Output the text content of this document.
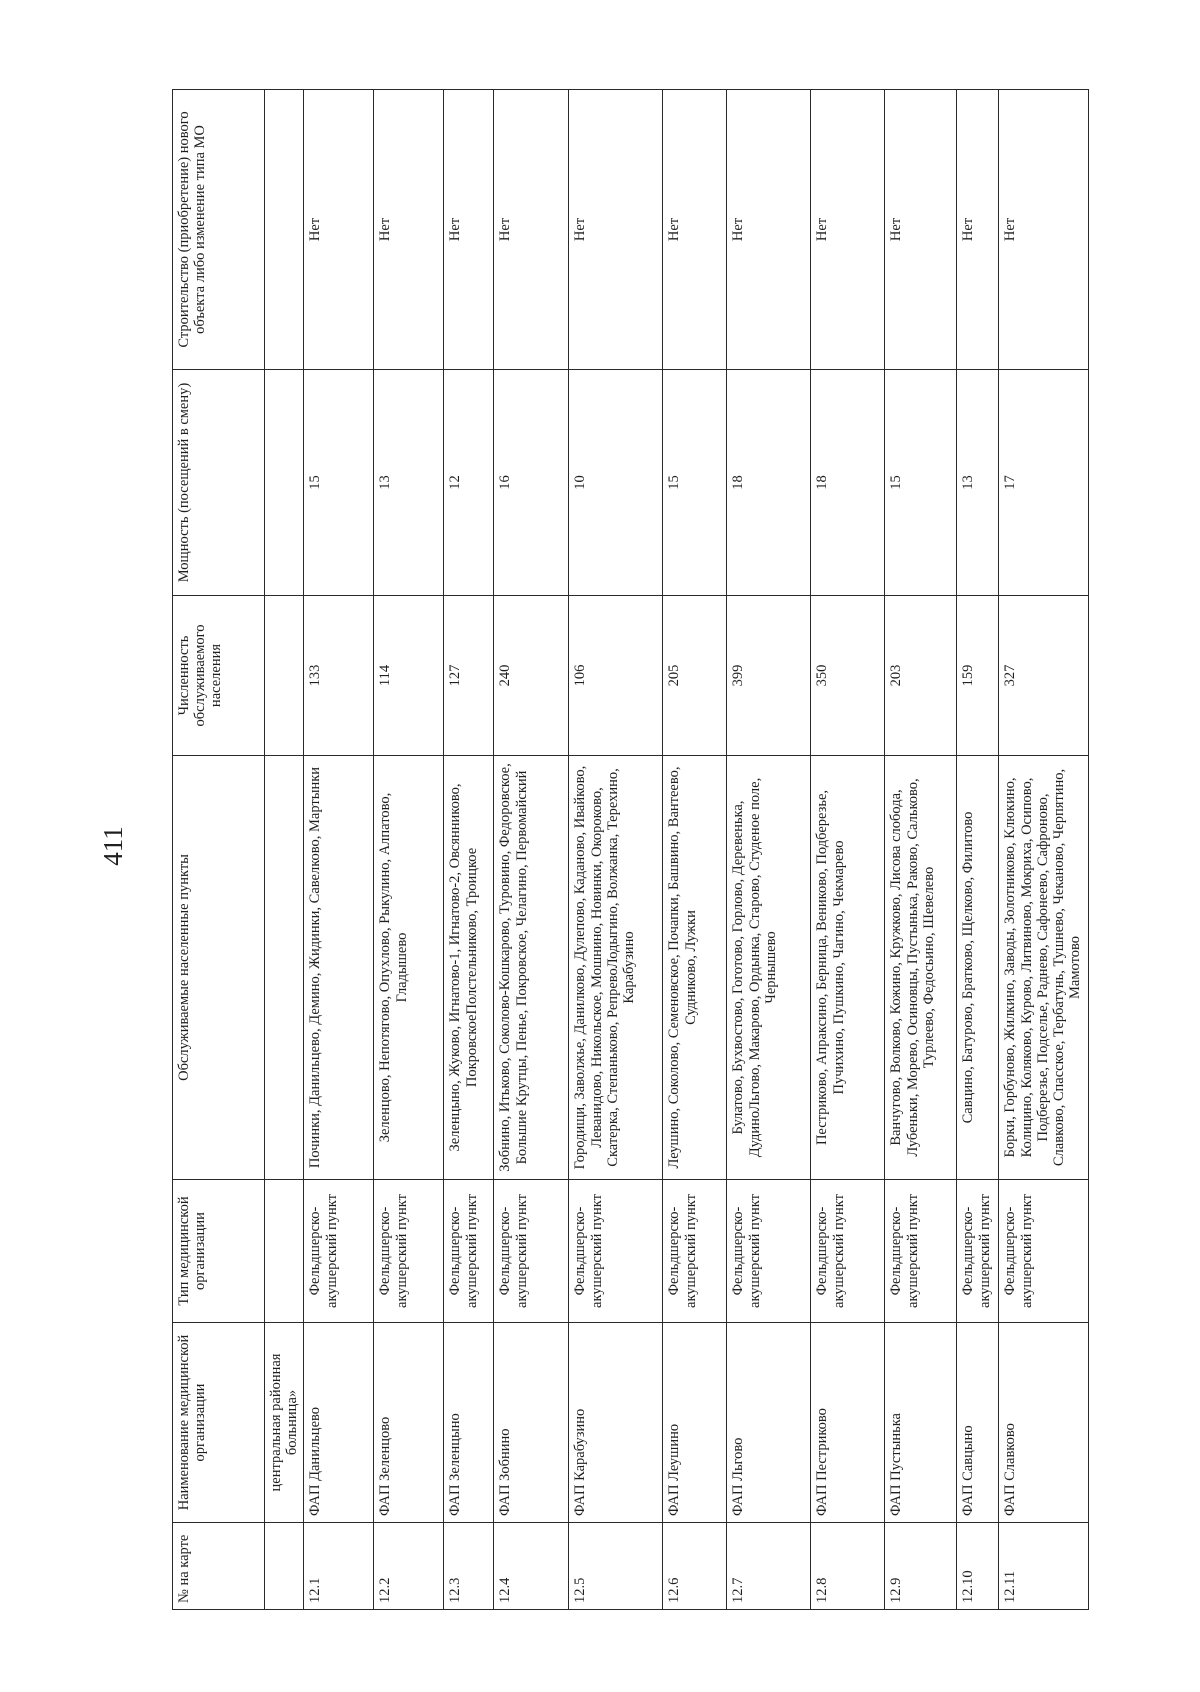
411
№ на карте	Наименование медицинской организации	Тип медицинской организации	Обслуживаемые населенные пункты	Численность обслуживаемого населения	Мощность (посещений в смену)	Строительство (приобретение) нового объекта либо изменение типа МО
	центральная районная больница»					
12.1	ФАП Данильцево	Фельдшерско-акушерский пункт	Починки, Данильцево, Демино, Жидинки, Савелково, Мартынки	133	15	Нет
12.2	ФАП Зеленцово	Фельдшерско-акушерский пункт	Зеленцово, Непотягово, Опухлово, Рыкулино, Алпатово, Гладышево	114	13	Нет
12.3	ФАП Зеленцыно	Фельдшерско-акушерский пункт	Зеленцыно, Жуково, Игнатово-1, Игнатово-2, Овсянниково, ПокровскоеПолстельниково, Троицкое	127	12	Нет
12.4	ФАП Зобнино	Фельдшерско-акушерский пункт	Зобнино, Итьково, Соколово-Кошкарово, Туровино, Федоровское, Большие Крутцы, Пенье, Покровское, Челагино, Первомайский	240	16	Нет
12.5	ФАП Карабузино	Фельдшерско-акушерский пункт	Городищи, Заволжье, Данилково, Дулепово, Каданово, Ивайково, Леванидово, Никольское, Мошнино, Новинки, Окороково, Скатерка, Степаньково, РепревоЛодыгино, Волжанка, Терехино, Карабузино	106	10	Нет
12.6	ФАП Леушино	Фельдшерско-акушерский пункт	Леушино, Соколово, Семеновское, Почапки, Башвино, Вантеево, Судниково, Лужки	205	15	Нет
12.7	ФАП Льгово	Фельдшерско-акушерский пункт	Булатово, Бухвостово, Гоготово, Горлово, Деревенька, ДудиноЛьгово, Макарово, Ордынка, Старово, Студеное поле, Чернышево	399	18	Нет
12.8	ФАП Пестриково	Фельдшерско-акушерский пункт	Пестриково, Апраксино, Берница, Вениково, Подберезье, Пучихино, Пушкино, Чагино, Чекмарево	350	18	Нет
12.9	ФАП Пустынька	Фельдшерско-акушерский пункт	Ванчугово, Волково, Кожино, Кружково, Лисова слобода, Лубеньки, Морево, Осиновцы, Пустынька, Раково, Сальково, Турлеево, Федосьино, Шевелево	203	15	Нет
12.10	ФАП Савцыно	Фельдшерско-акушерский пункт	Савцино, Батурово, Братково, Щелково, Филитово	159	13	Нет
12.11	ФАП Славково	Фельдшерско-акушерский пункт	Борки, Горбуново, Жилкино, Заводы, Золотниково, Клюкино, Колицино, Коляково, Курово, Литвиново, Мокриха, Осипово, Подберезье, Подселье, Раднево, Сафонеево, Сафроново, Славково, Спасское, Тербатунь, Тушнево, Чеканово, Черпятино, Мамотово	327	17	Нет
